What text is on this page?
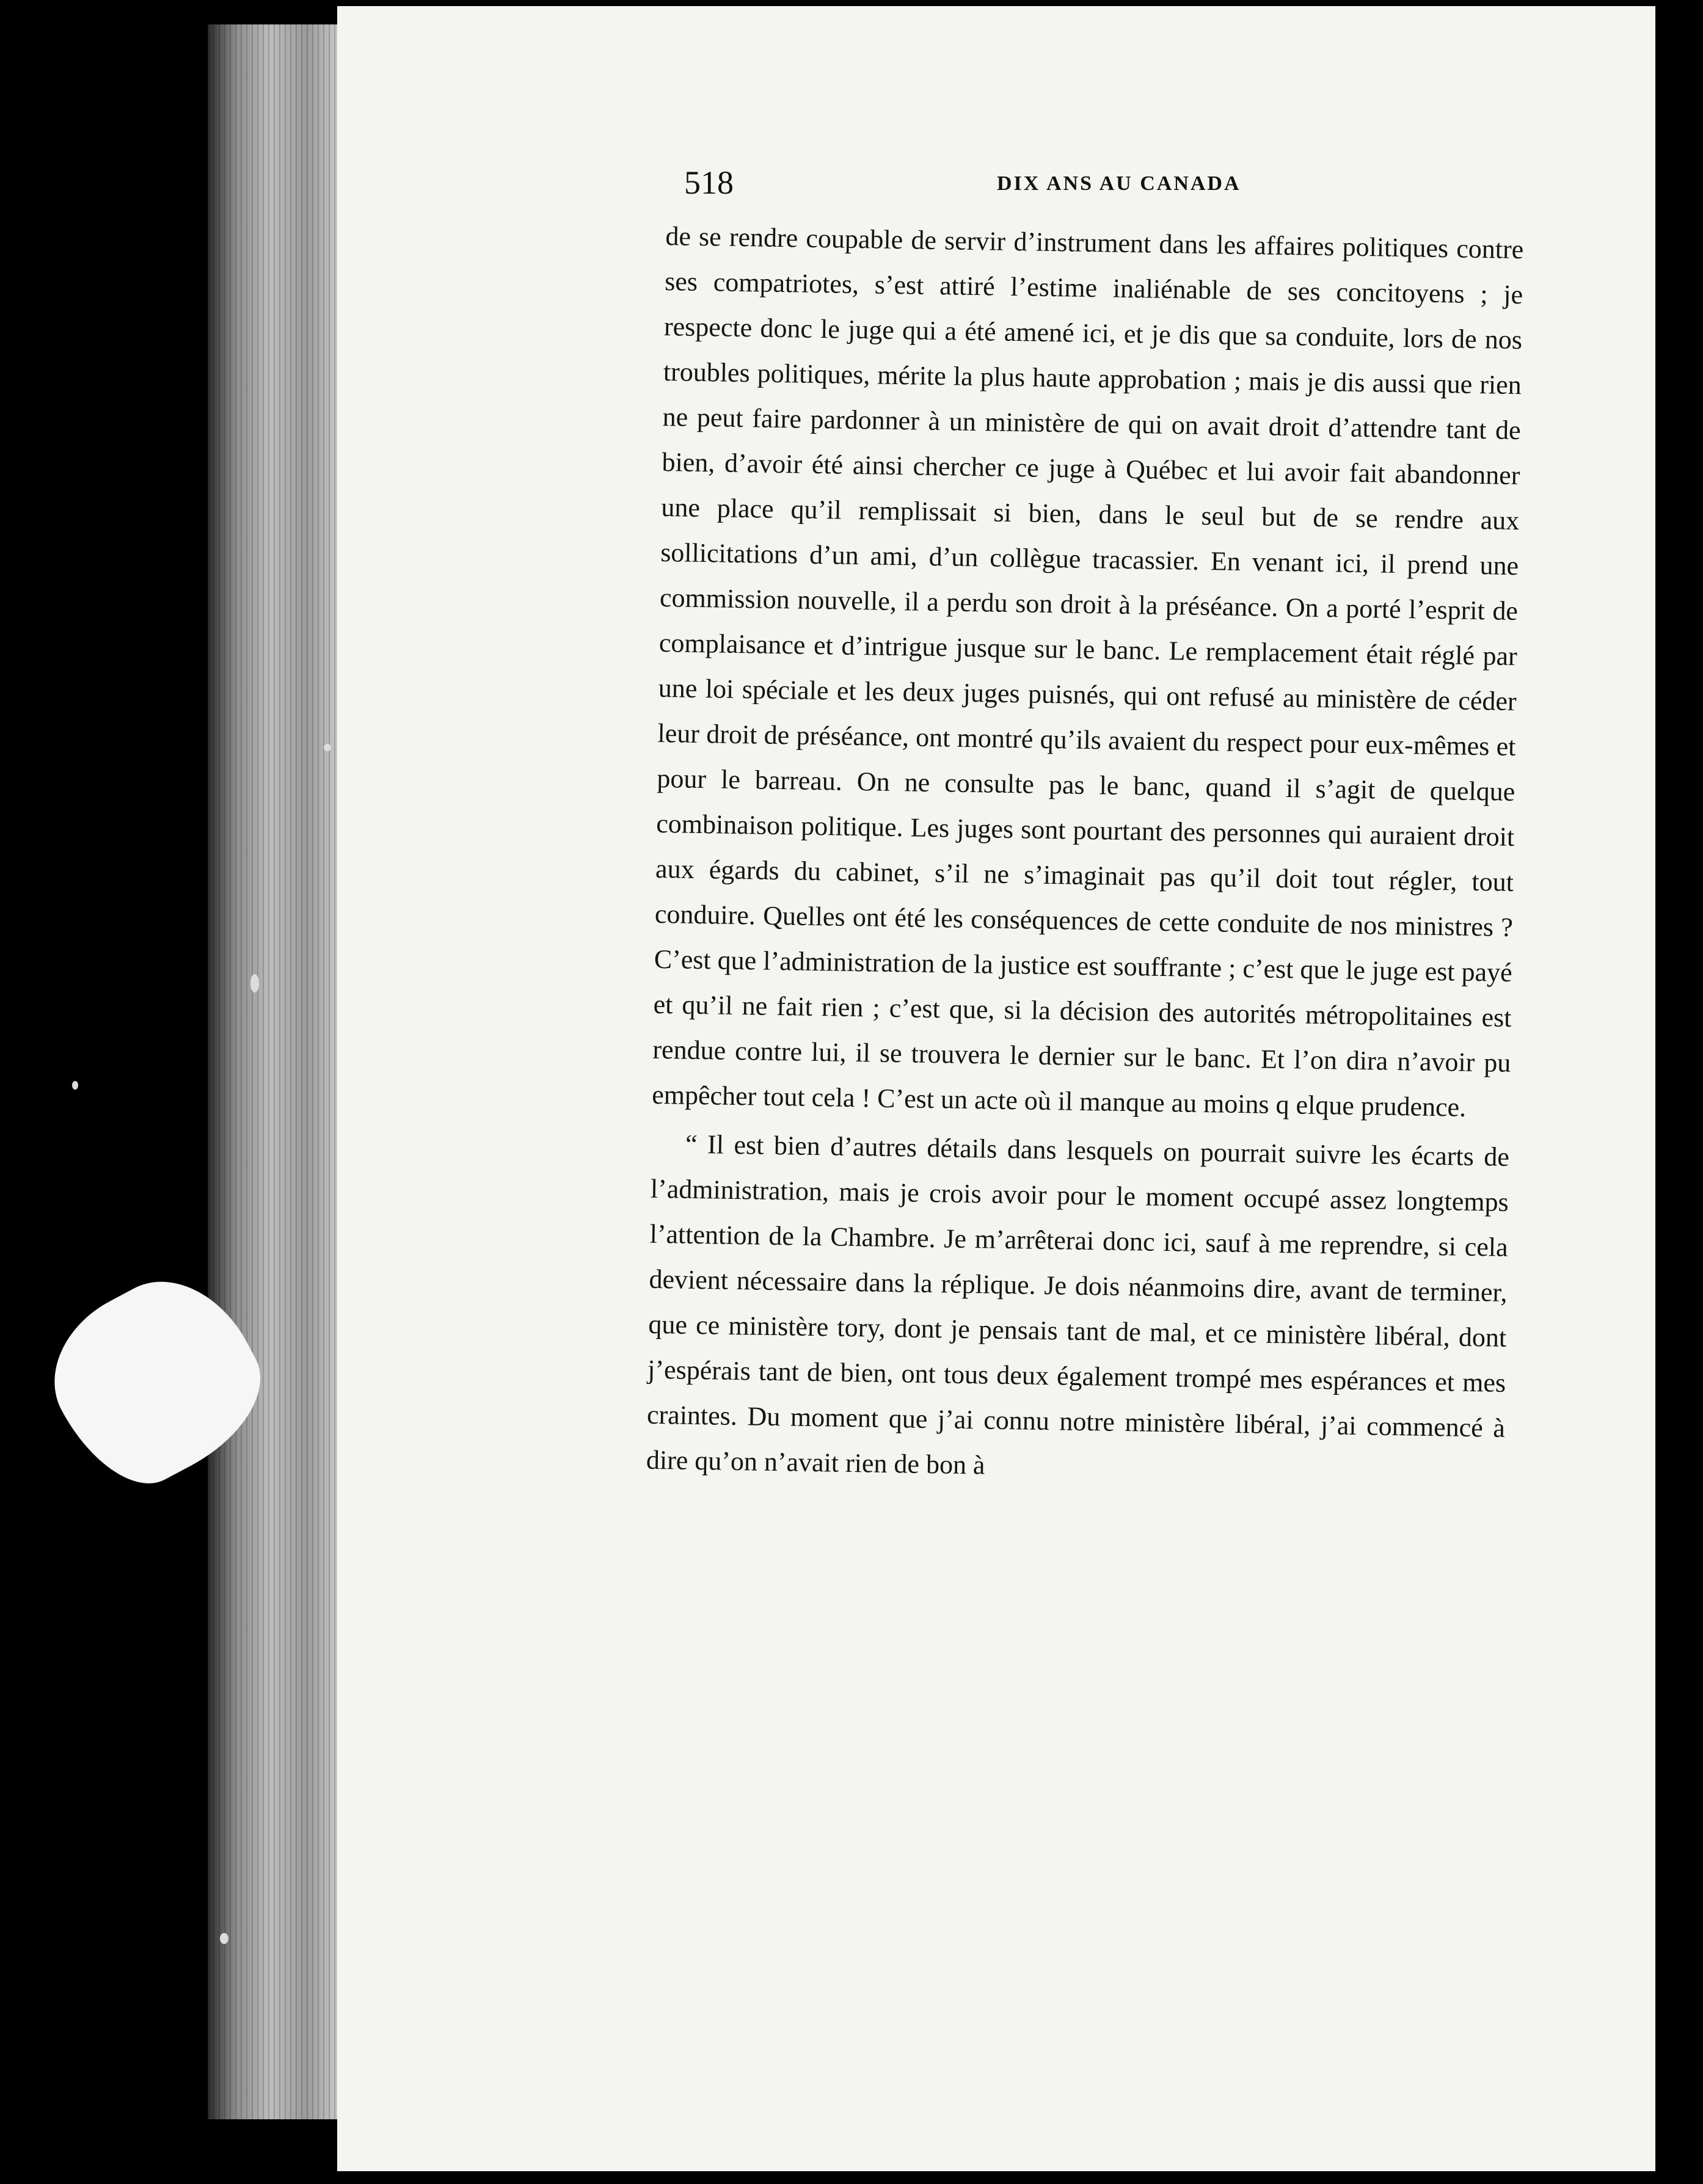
518	DIX ANS AU CANADA

de se rendre coupable de servir d’instrument dans les affaires politiques contre ses compatriotes, s’est attiré l’estime inaliénable de ses concitoyens ; je respecte donc le juge qui a été amené ici, et je dis que sa conduite, lors de nos troubles politiques, mérite la plus haute approbation ; mais je dis aussi que rien ne peut faire pardonner à un ministère de qui on avait droit d’attendre tant de bien, d’avoir été ainsi chercher ce juge à Québec et lui avoir fait abandonner une place qu’il remplissait si bien, dans le seul but de se rendre aux sollicitations d’un ami, d’un collègue tracassier. En venant ici, il prend une commission nouvelle, il a perdu son droit à la préséance. On a porté l’esprit de complaisance et d’intrigue jusque sur le banc. Le remplacement était réglé par une loi spéciale et les deux juges puisnés, qui ont refusé au ministère de céder leur droit de préséance, ont montré qu’ils avaient du respect pour eux-mêmes et pour le barreau. On ne consulte pas le banc, quand il s’agit de quelque combinaison politique. Les juges sont pourtant des personnes qui auraient droit aux égards du cabinet, s’il ne s’imaginait pas qu’il doit tout régler, tout conduire. Quelles ont été les conséquences de cette conduite de nos ministres ? C’est que l’administration de la justice est souffrante ; c’est que le juge est payé et qu’il ne fait rien ; c’est que, si la décision des autorités métropolitaines est rendue contre lui, il se trouvera le dernier sur le banc. Et l’on dira n’avoir pu empêcher tout cela ! C’est un acte où il manque au moins q elque prudence.

“ Il est bien d’autres détails dans lesquels on pourrait suivre les écarts de l’administration, mais je crois avoir pour le moment occupé assez longtemps l’attention de la Chambre. Je m’arrêterai donc ici, sauf à me reprendre, si cela devient nécessaire dans la réplique. Je dois néanmoins dire, avant de terminer, que ce ministère tory, dont je pensais tant de mal, et ce ministère libéral, dont j’espérais tant de bien, ont tous deux également trompé mes espérances et mes craintes. Du moment que j’ai connu notre ministère libéral, j’ai commencé à dire qu’on n’avait rien de bon à
